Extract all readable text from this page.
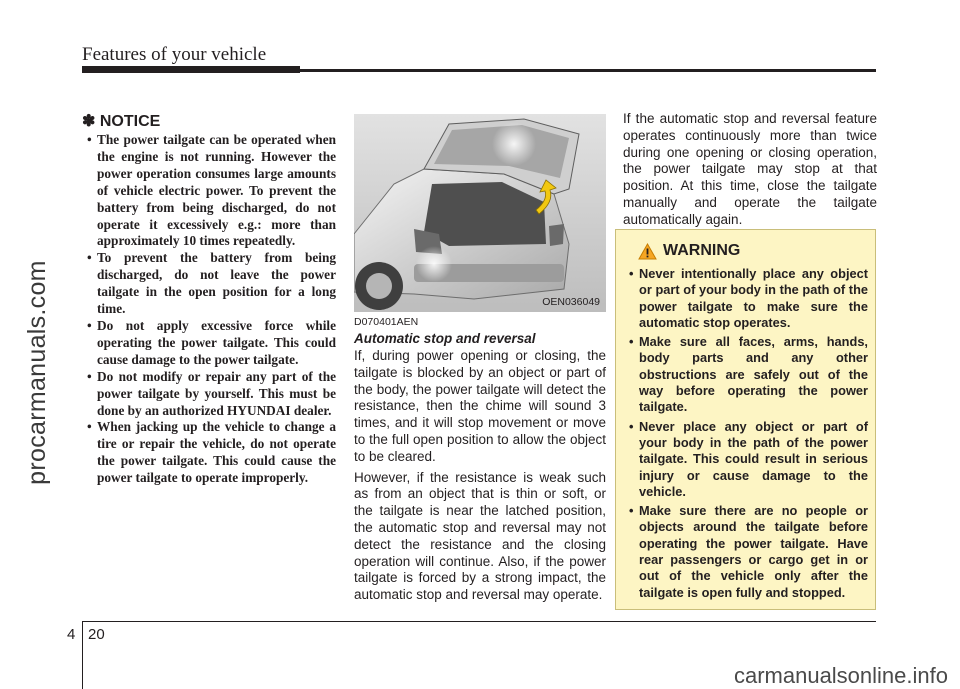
Features of your vehicle
procarmanuals.com
✽ NOTICE
• The power tailgate can be operated when the engine is not running. However the power operation consumes large amounts of vehicle electric power. To prevent the battery from being discharged, do not operate it excessively e.g.: more than approximately 10 times repeatedly.
• To prevent the battery from being discharged, do not leave the power tailgate in the open position for a long time.
• Do not apply excessive force while operating the power tailgate. This could cause damage to the power tailgate.
• Do not modify or repair any part of the power tailgate by yourself. This must be done by an authorized HYUNDAI dealer.
• When jacking up the vehicle to change a tire or repair the vehicle, do not operate the power tailgate. This could cause the power tailgate to operate improperly.
OEN036049
D070401AEN
Automatic stop and reversal

If, during power opening or closing, the tailgate is blocked by an object or part of the body, the power tailgate will detect the resistance, then the chime will sound 3 times, and it will stop movement or move to the full open position to allow the object to be cleared.

However, if the resistance is weak such as from an object that is thin or soft, or the tailgate is near the latched position, the automatic stop and reversal may not detect the resistance and the closing operation will continue. Also, if the power tailgate is forced by a strong impact, the automatic stop and reversal may operate.

If the automatic stop and reversal feature operates continuously more than twice during one opening or closing operation, the power tailgate may stop at that position. At this time, close the tailgate manually and operate the tailgate automatically again.

WARNING
• Never intentionally place any object or part of your body in the path of the power tailgate to make sure the automatic stop operates.
• Make sure all faces, arms, hands, body parts and any other obstructions are safely out of the way before operating the power tailgate.
• Never place any object or part of your body in the path of the power tailgate. This could result in serious injury or cause damage to the vehicle.
• Make sure there are no people or objects around the tailgate before operating the power tailgate. Have rear passengers or cargo get in or out of the vehicle only after the tailgate is open fully and stopped.
4 20
carmanualsonline.info
